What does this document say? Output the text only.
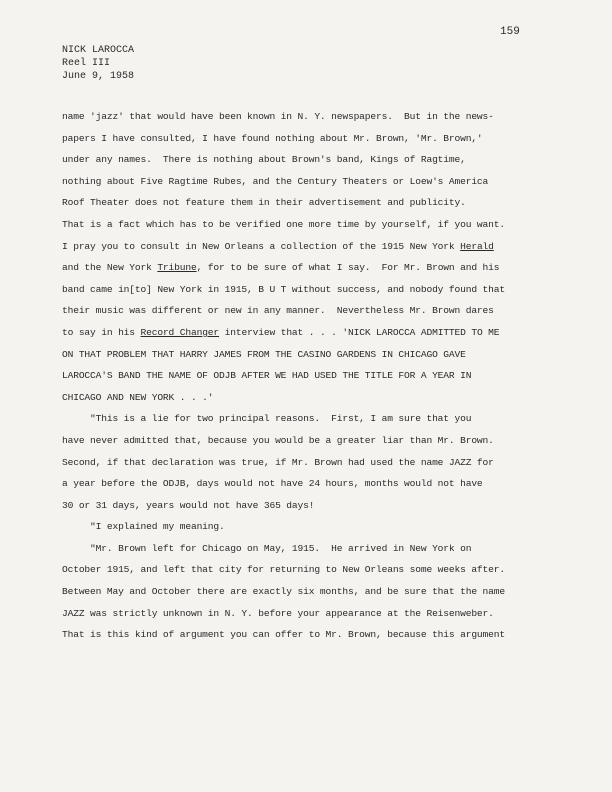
159
NICK LAROCCA
Reel III
June 9, 1958
name 'jazz' that would have been known in N. Y. newspapers.  But in the news-
papers I have consulted, I have found nothing about Mr. Brown, 'Mr. Brown,'
under any names.  There is nothing about Brown's band, Kings of Ragtime,
nothing about Five Ragtime Rubes, and the Century Theaters or Loew's America
Roof Theater does not feature them in their advertisement and publicity.
That is a fact which has to be verified one more time by yourself, if you want.
I pray you to consult in New Orleans a collection of the 1915 New York Herald
and the New York Tribune, for to be sure of what I say.  For Mr. Brown and his
band came in[to] New York in 1915, B U T without success, and nobody found that
their music was different or new in any manner.  Nevertheless Mr. Brown dares
to say in his Record Changer interview that . . . 'NICK LAROCCA ADMITTED TO ME
ON THAT PROBLEM THAT HARRY JAMES FROM THE CASINO GARDENS IN CHICAGO GAVE
LAROCCA'S BAND THE NAME OF ODJB AFTER WE HAD USED THE TITLE FOR A YEAR IN
CHICAGO AND NEW YORK . . .'
"This is a lie for two principal reasons.  First, I am sure that you
have never admitted that, because you would be a greater liar than Mr. Brown.
Second, if that declaration was true, if Mr. Brown had used the name JAZZ for
a year before the ODJB, days would not have 24 hours, months would not have
30 or 31 days, years would not have 365 days!
"I explained my meaning.
"Mr. Brown left for Chicago on May, 1915.  He arrived in New York on
October 1915, and left that city for returning to New Orleans some weeks after.
Between May and October there are exactly six months, and be sure that the name
JAZZ was strictly unknown in N. Y. before your appearance at the Reisenweber.
That is this kind of argument you can offer to Mr. Brown, because this argument
